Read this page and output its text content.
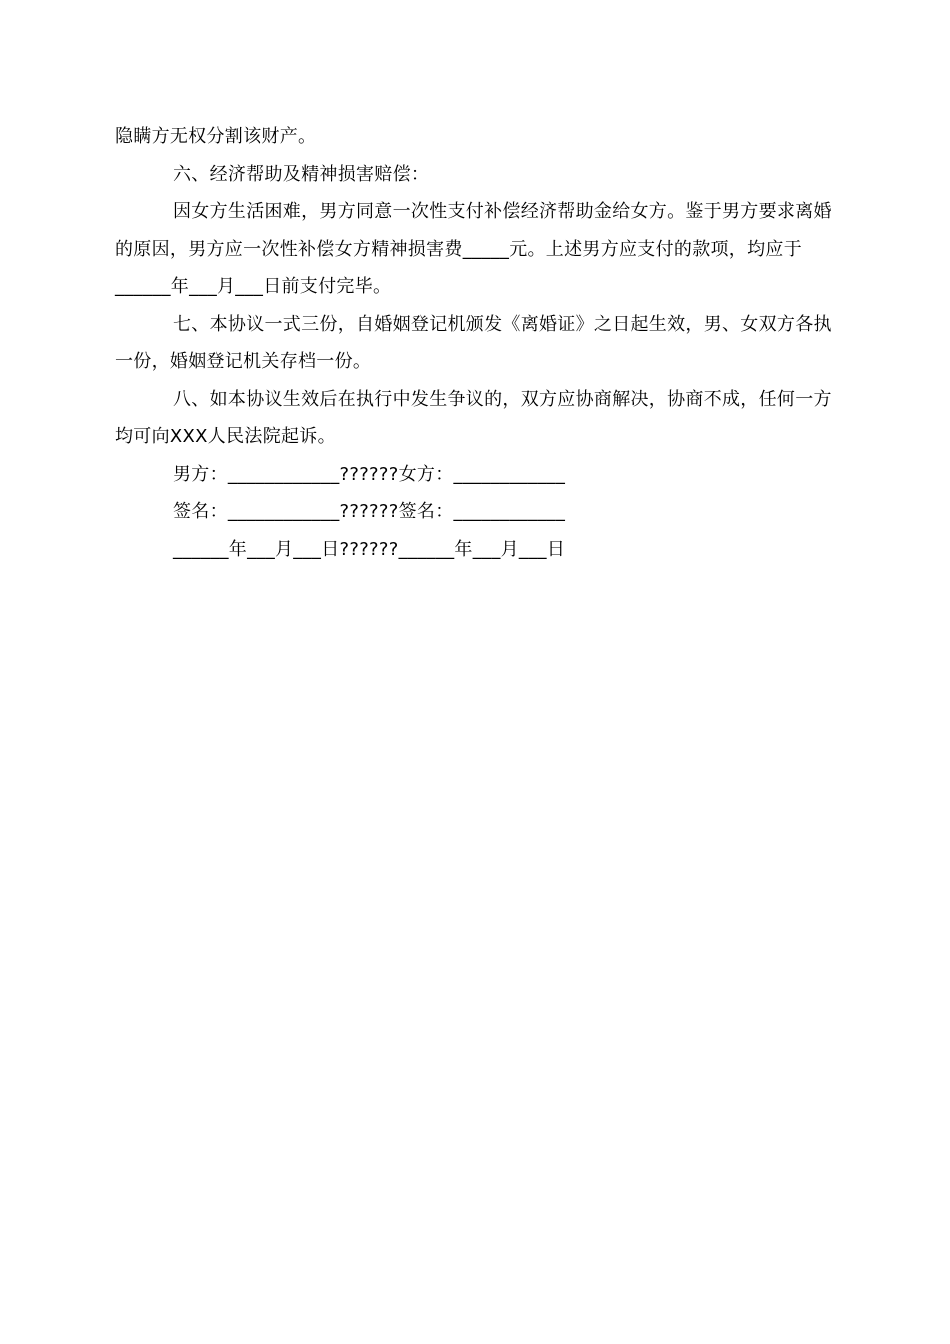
隐瞒方无权分割该财产。

六、经济帮助及精神损害赔偿：

因女方生活困难，男方同意一次性支付补偿经济帮助金给女方。鉴于男方要求离婚的原因，男方应一次性补偿女方精神损害费_____元。上述男方应支付的款项，均应于______年___月___日前支付完毕。

七、本协议一式三份，自婚姻登记机颁发《离婚证》之日起生效，男、女双方各执一份，婚姻登记机关存档一份。

八、如本协议生效后在执行中发生争议的，双方应协商解决，协商不成，任何一方均可向XXX人民法院起诉。

男方：____________??????女方：____________

签名：____________??????签名：____________

______年___月___日??????______年___月___日
